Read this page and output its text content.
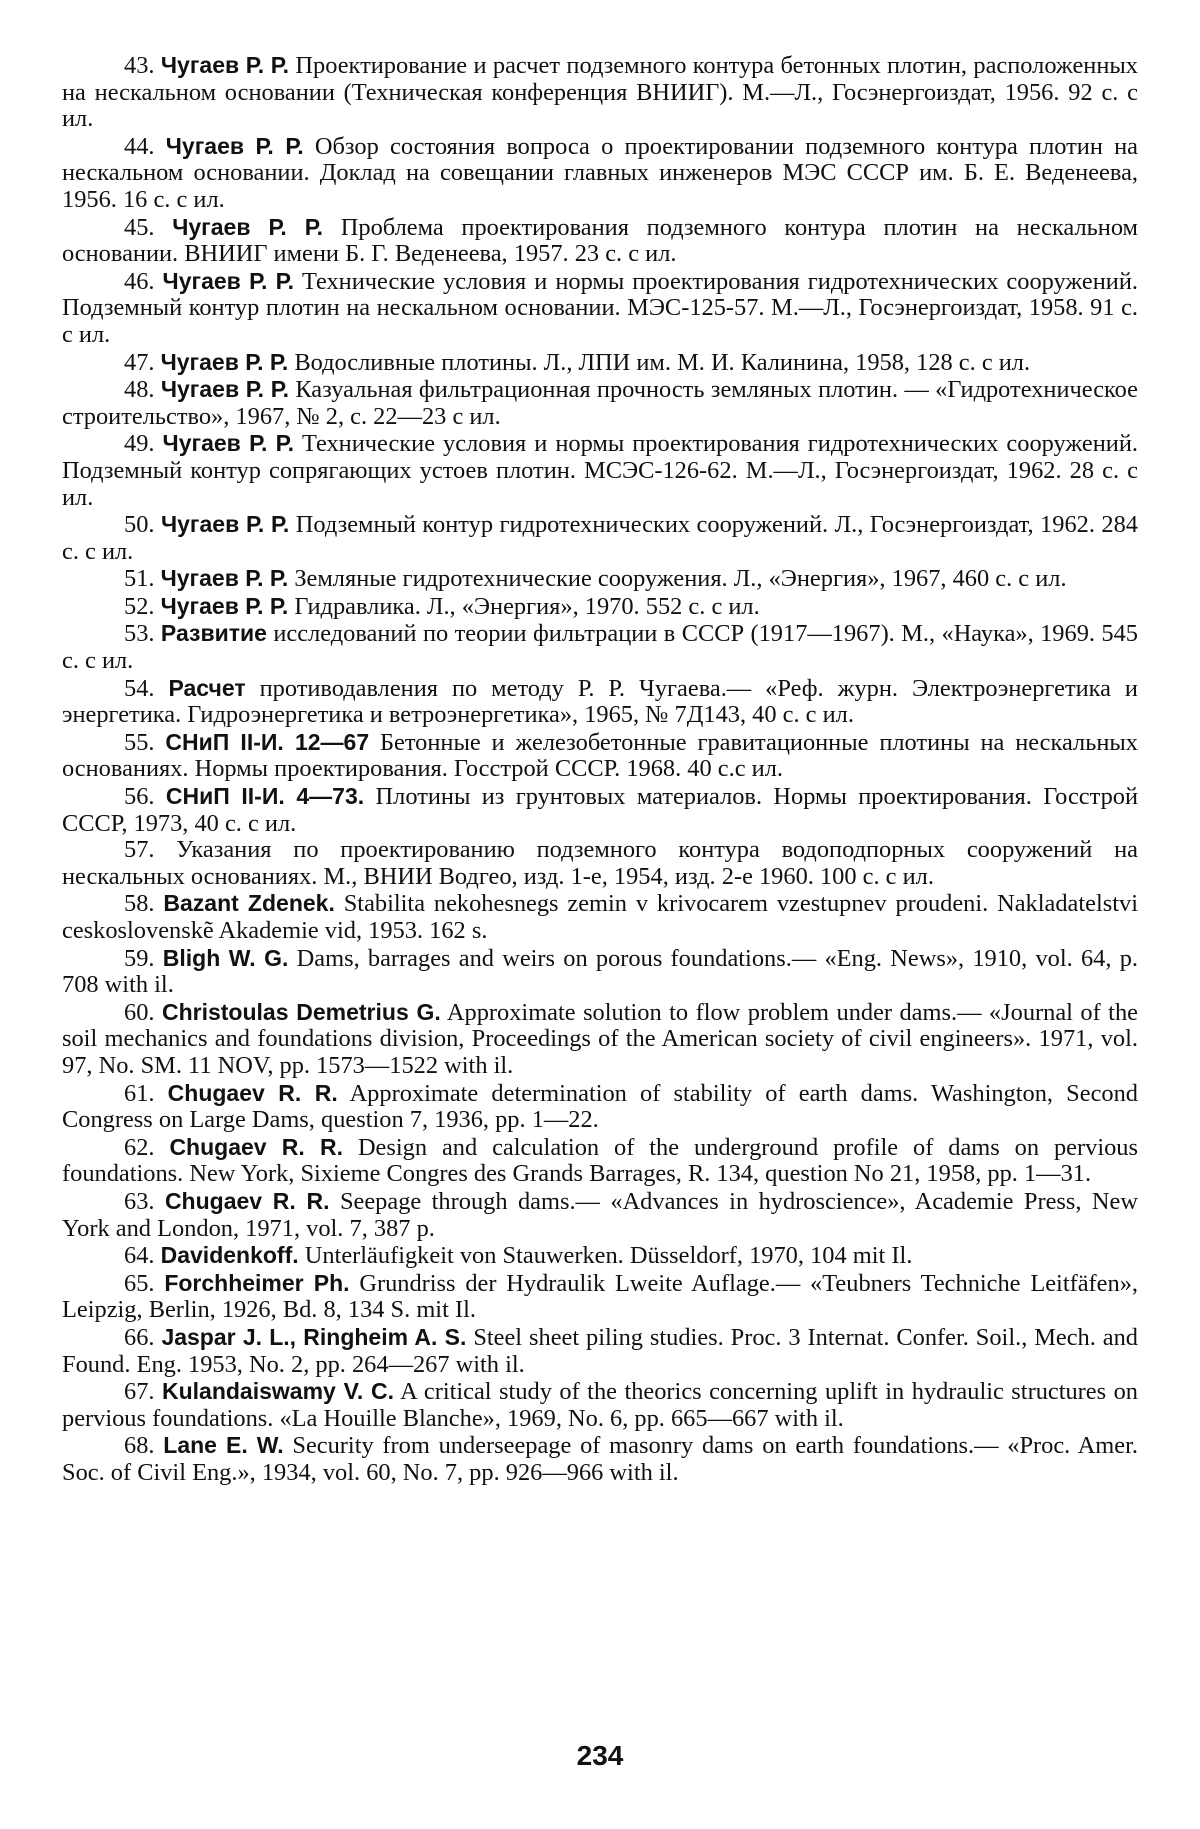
43. Чугаев Р. Р. Проектирование и расчет подземного контура бетонных плотин, расположенных на нескальном основании (Техническая конференция ВНИИГ). М.—Л., Госэнергоиздат, 1956. 92 с. с ил.

44. Чугаев Р. Р. Обзор состояния вопроса о проектировании подземного контура плотин на нескальном основании. Доклад на совещании главных инженеров МЭС СССР им. Б. Е. Веденеева, 1956. 16 с. с ил.

45. Чугаев Р. Р. Проблема проектирования подземного контура плотин на нескальном основании. ВНИИГ имени Б. Г. Веденеева, 1957. 23 с. с ил.

46. Чугаев Р. Р. Технические условия и нормы проектирования гидротехнических сооружений. Подземный контур плотин на нескальном основании. МЭС-125-57. М.—Л., Госэнергоиздат, 1958. 91 с. с ил.

47. Чугаев Р. Р. Водосливные плотины. Л., ЛПИ им. М. И. Калинина, 1958, 128 с. с ил.

48. Чугаев Р. Р. Казуальная фильтрационная прочность земляных плотин. — «Гидротехническое строительство», 1967, № 2, с. 22—23 с ил.

49. Чугаев Р. Р. Технические условия и нормы проектирования гидротехнических сооружений. Подземный контур сопрягающих устоев плотин. МСЭС-126-62. М.—Л., Госэнергоиздат, 1962. 28 с. с ил.

50. Чугаев Р. Р. Подземный контур гидротехнических сооружений. Л., Госэнергоиздат, 1962. 284 с. с ил.

51. Чугаев Р. Р. Земляные гидротехнические сооружения. Л., «Энергия», 1967, 460 с. с ил.

52. Чугаев Р. Р. Гидравлика. Л., «Энергия», 1970. 552 с. с ил.

53. Развитие исследований по теории фильтрации в СССР (1917—1967). М., «Наука», 1969. 545 с. с ил.

54. Расчет противодавления по методу Р. Р. Чугаева.— «Реф. журн. Электроэнергетика и энергетика. Гидроэнергетика и ветроэнергетика», 1965, № 7Д143, 40 с. с ил.

55. СНиП II-И. 12—67 Бетонные и железобетонные гравитационные плотины на нескальных основаниях. Нормы проектирования. Госстрой СССР. 1968. 40 с.с ил.

56. СНиП II-И. 4—73. Плотины из грунтовых материалов. Нормы проектирования. Госстрой СССР, 1973, 40 с. с ил.

57. Указания по проектированию подземного контура водоподпорных сооружений на нескальных основаниях. М., ВНИИ Водгео, изд. 1-е, 1954, изд. 2-е 1960. 100 с. с ил.

58. Bazant Zdenek. Stabilita nekohesnegs zemin v krivocarem vzestupnev proudeni. Nakladatelstvi ceskoslovenskẽ Akademie vid, 1953. 162 s.

59. Bligh W. G. Dams, barrages and weirs on porous foundations.— «Eng. News», 1910, vol. 64, p. 708 with il.

60. Christoulas Demetrius G. Approximate solution to flow problem under dams.— «Journal of the soil mechanics and foundations division, Proceedings of the American society of civil engineers». 1971, vol. 97, No. SM. 11 NOV, pp. 1573—1522 with il.

61. Chugaev R. R. Approximate determination of stability of earth dams. Washington, Second Congress on Large Dams, question 7, 1936, pp. 1—22.

62. Chugaev R. R. Design and calculation of the underground profile of dams on pervious foundations. New York, Sixieme Congres des Grands Barrages, R. 134, question No 21, 1958, pp. 1—31.

63. Chugaev R. R. Seepage through dams.— «Advances in hydroscience», Academie Press, New York and London, 1971, vol. 7, 387 p.

64. Davidenkoff. Unterläufigkeit von Stauwerken. Düsseldorf, 1970, 104 mit Il.

65. Forchheimer Ph. Grundriss der Hydraulik Lweite Auflage.— «Teubners Techniche Leitfäfen», Leipzig, Berlin, 1926, Bd. 8, 134 S. mit Il.

66. Jaspar J. L., Ringheim A. S. Steel sheet piling studies. Proc. 3 Internat. Confer. Soil., Mech. and Found. Eng. 1953, No. 2, pp. 264—267 with il.

67. Kulandaiswamy V. C. A critical study of the theorics concerning uplift in hydraulic structures on pervious foundations. «La Houille Blanche», 1969, No. 6, pp. 665—667 with il.

68. Lane E. W. Security from underseepage of masonry dams on earth foundations.— «Proc. Amer. Soc. of Civil Eng.», 1934, vol. 60, No. 7, pp. 926—966 with il.

234
